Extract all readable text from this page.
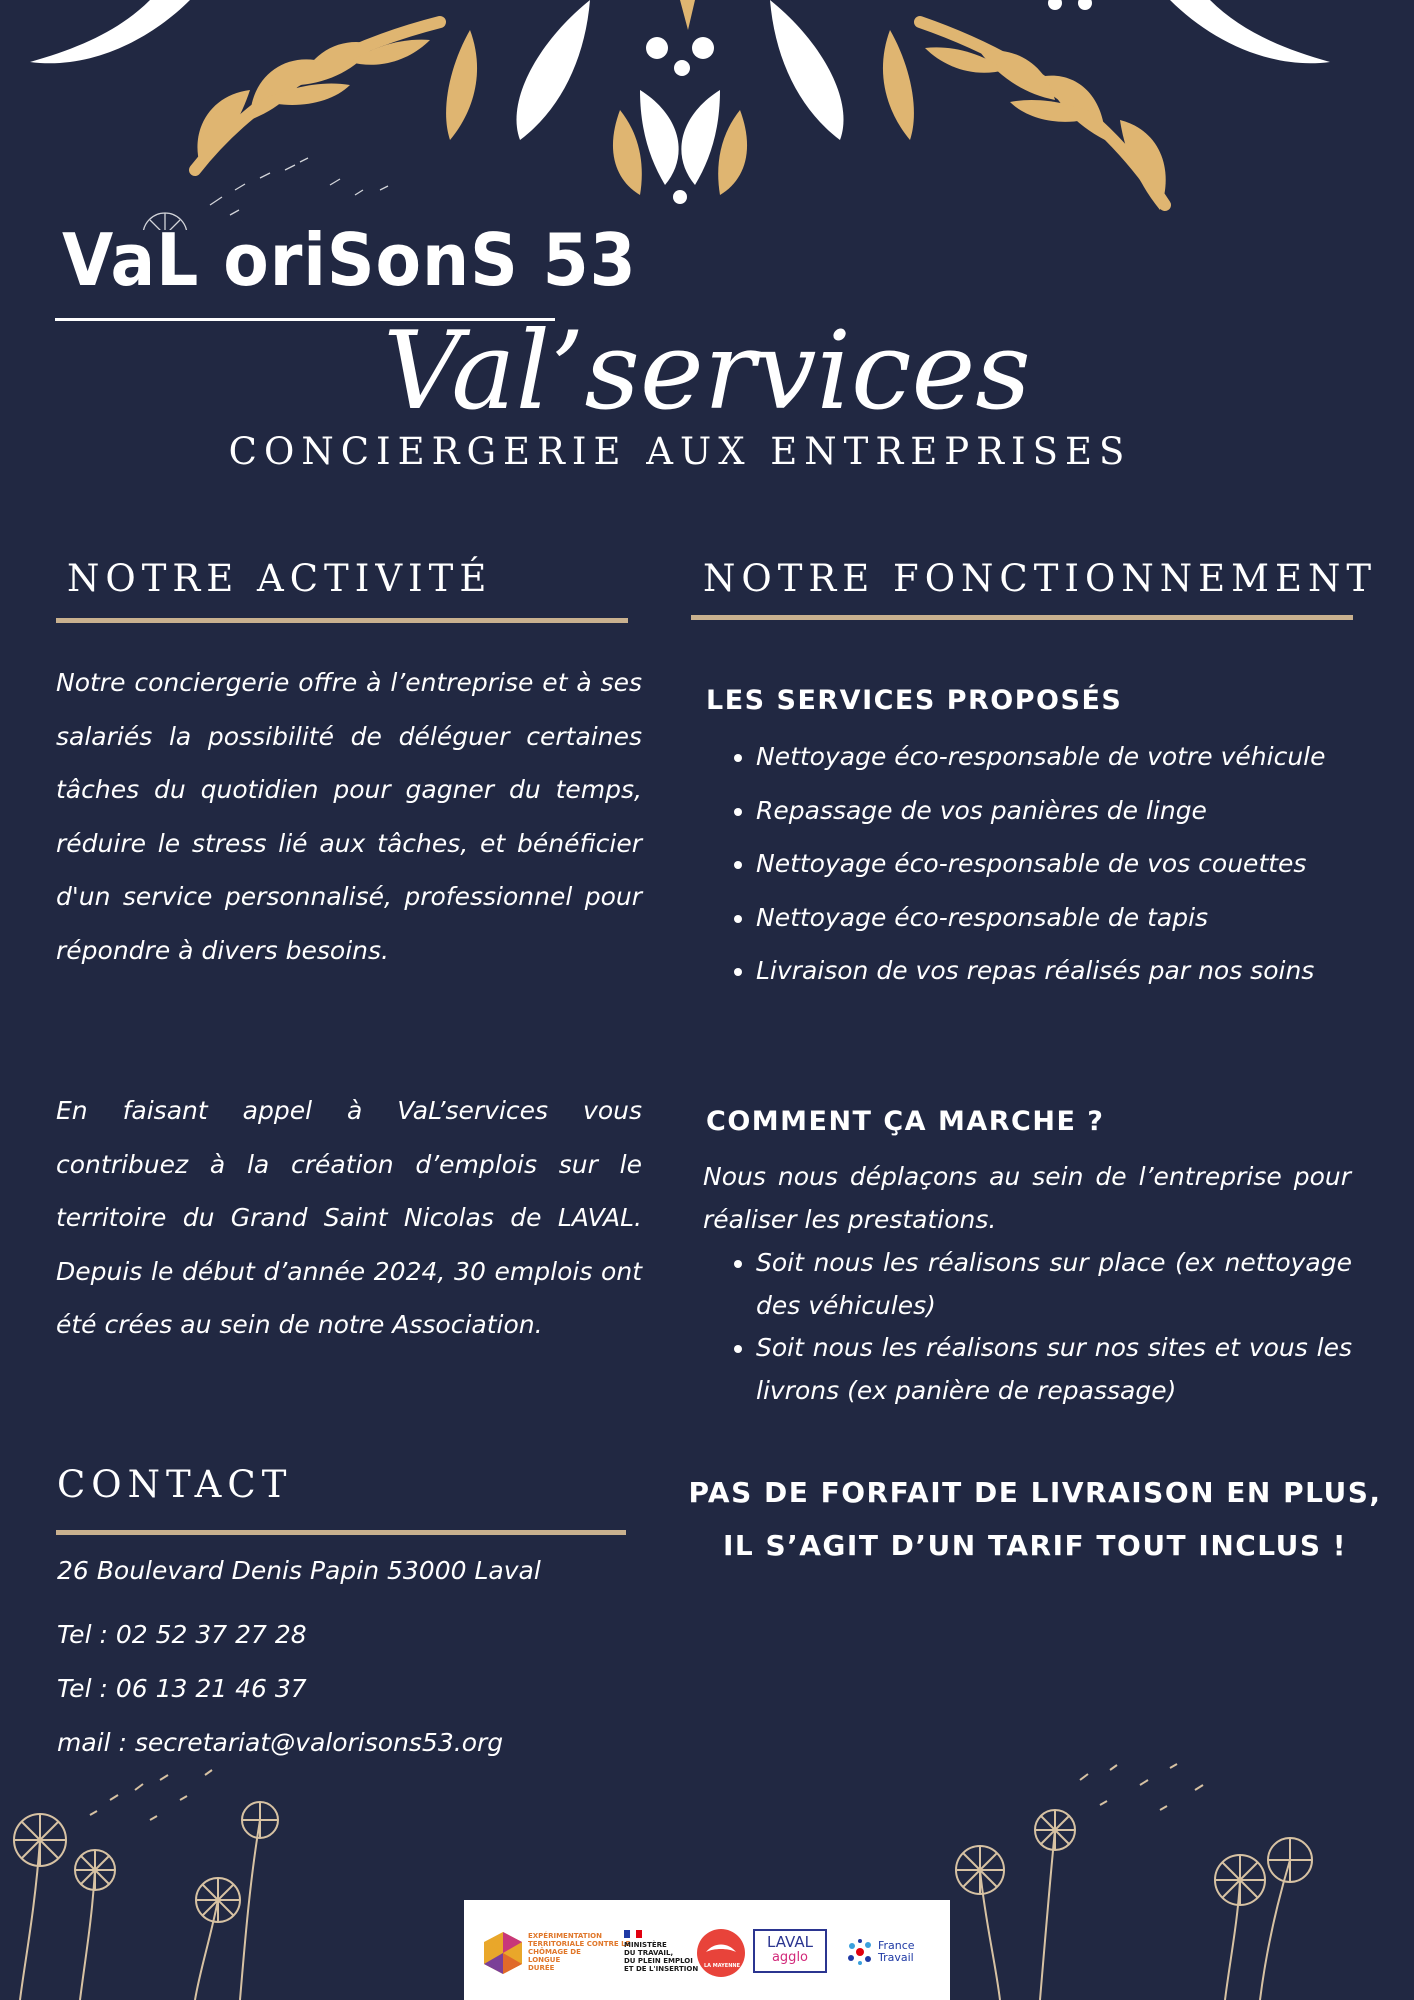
VaL oriSonS 53
Val’services
CONCIERGERIE AUX ENTREPRISES
NOTRE ACTIVITÉ
Notre conciergerie offre à l’entreprise et à ses salariés la possibilité de déléguer certaines tâches du quotidien pour gagner du temps, réduire le stress lié aux tâches, et bénéficier d'un service personnalisé, professionnel pour répondre à divers besoins.
En faisant appel à VaL’services vous contribuez à la création d’emplois sur le territoire du Grand Saint Nicolas de LAVAL. Depuis le début d’année 2024, 30 emplois ont été crées au sein de notre Association.
CONTACT
26 Boulevard Denis Papin 53000 Laval
Tel : 02 52 37 27 28
Tel : 06 13 21 46 37
mail : secretariat@valorisons53.org
NOTRE FONCTIONNEMENT
LES SERVICES PROPOSÉS
• Nettoyage éco-responsable de votre véhicule
• Repassage de vos panières de linge
• Nettoyage éco-responsable de vos couettes
• Nettoyage éco-responsable de tapis
• Livraison de vos repas réalisés par nos soins
COMMENT ÇA MARCHE ?
Nous nous déplaçons au sein de l’entreprise pour réaliser les prestations.
• Soit nous les réalisons sur place (ex nettoyage des véhicules)
• Soit nous les réalisons sur nos sites et vous les livrons (ex panière de repassage)
PAS DE FORFAIT DE LIVRAISON EN PLUS,
IL S’AGIT D’UN TARIF TOUT INCLUS !
EXPÉRIMENTATION
TERRITORIALE CONTRE LE
CHÔMAGE DE
LONGUE
DURÉE
MINISTÈRE
DU TRAVAIL,
DU PLEIN EMPLOI
ET DE L'INSERTION LA MAYENNE
LAVAL
agglo
France
Travail
